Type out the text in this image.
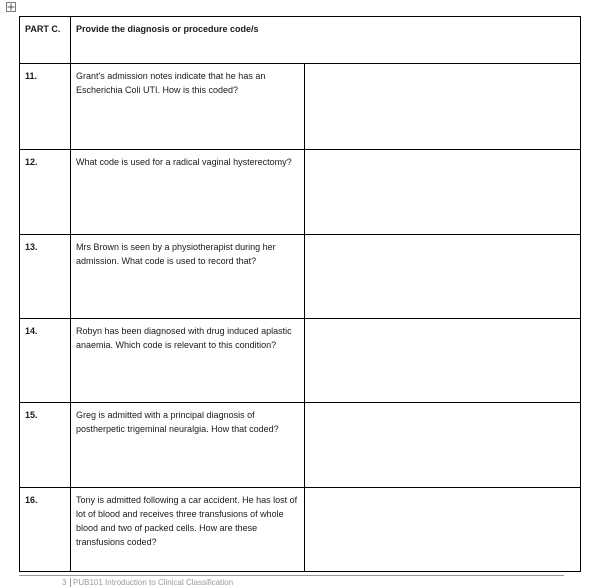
PART C.	Provide the diagnosis or procedure code/s	
11.	Grant's admission notes indicate that he has an Escherichia Coli UTI. How is this coded?	
12.	What code is used for a radical vaginal hysterectomy?	
13.	Mrs Brown is seen by a physiotherapist during her admission. What code is used to record that?	
14.	Robyn has been diagnosed with drug induced aplastic anaemia. Which code is relevant to this condition?	
15.	Greg is admitted with a principal diagnosis of postherpetic trigeminal neuralgia. How that coded?	
16.	Tony is admitted following a car accident. He has lost of lot of blood and receives three transfusions of whole blood and two of packed cells. How are these transfusions coded?	
3 PUB101 Introduction to Clinical Classification
